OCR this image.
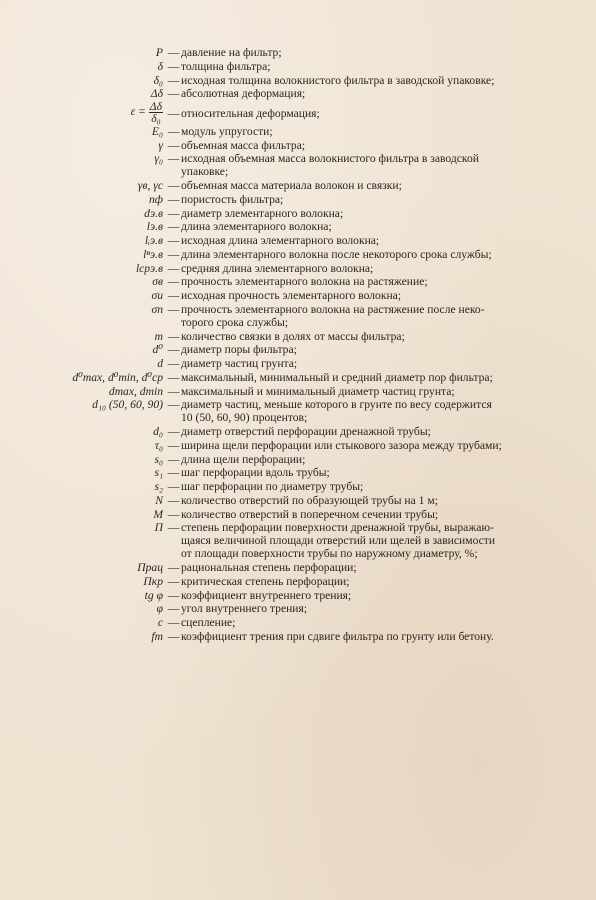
P — давление на фильтр;
δ — толщина фильтра;
δ₀ — исходная толщина волокнистого фильтра в заводской упаковке;
Δδ — абсолютная деформация;
$\varepsilon = \frac{\Delta\delta}{\text{δ₀}}$ — относительная деформация;
E₀ — модуль упругости;
γ — объемная масса фильтра;
γ₀ — исходная объемная масса волокнистого фильтра в заводской
упаковке;
γв, γс — объемная масса материала волокон и связки;
nф — пористость фильтра;
dэ.в — диаметр элементарного волокна;
lэ.в — длина элементарного волокна;
lᵢэ.в — исходная длина элементарного волокна;
lⁿэ.в — длина элементарного волокна после некоторого срока службы;
lсрэ.в — средняя длина элементарного волокна;
σв — прочность элементарного волокна на растяжение;
σи — исходная прочность элементарного волокна;
σп — прочность элементарного волокна на растяжение после неко-
торого срока службы;
m — количество связки в долях от массы фильтра;
d⁰ — диаметр поры фильтра;
d — диаметр частиц грунта;
d⁰max, d⁰min, d⁰ср — максимальный, минимальный и средний диаметр пор фильтра;
dmax, dmin — максимальный и минимальный диаметр частиц грунта;
d₁₀ (50, 60, 90) — диаметр частиц, меньше которого в грунте по весу содержится
10 (50, 60, 90) процентов;
d₀ — диаметр отверстий перфорации дренажной трубы;
τ₀ — ширина щели перфорации или стыкового зазора между трубами;
s₀ — длина щели перфорации;
s₁ — шаг перфорации вдоль трубы;
s₂ — шаг перфорации по диаметру трубы;
N — количество отверстий по образующей трубы на 1 м;
M — количество отверстий в поперечном сечении трубы;
П — степень перфорации поверхности дренажной трубы, выражаю-
щаяся величиной площади отверстий или щелей в зависимости
от площади поверхности трубы по наружному диаметру, %;
Прац — рациональная степень перфорации;
Пкр — критическая степень перфорации;
tg φ — коэффициент внутреннего трения;
φ — угол внутреннего трения;
c — сцепление;
fт — коэффициент трения при сдвиге фильтра по грунту или бетону.
